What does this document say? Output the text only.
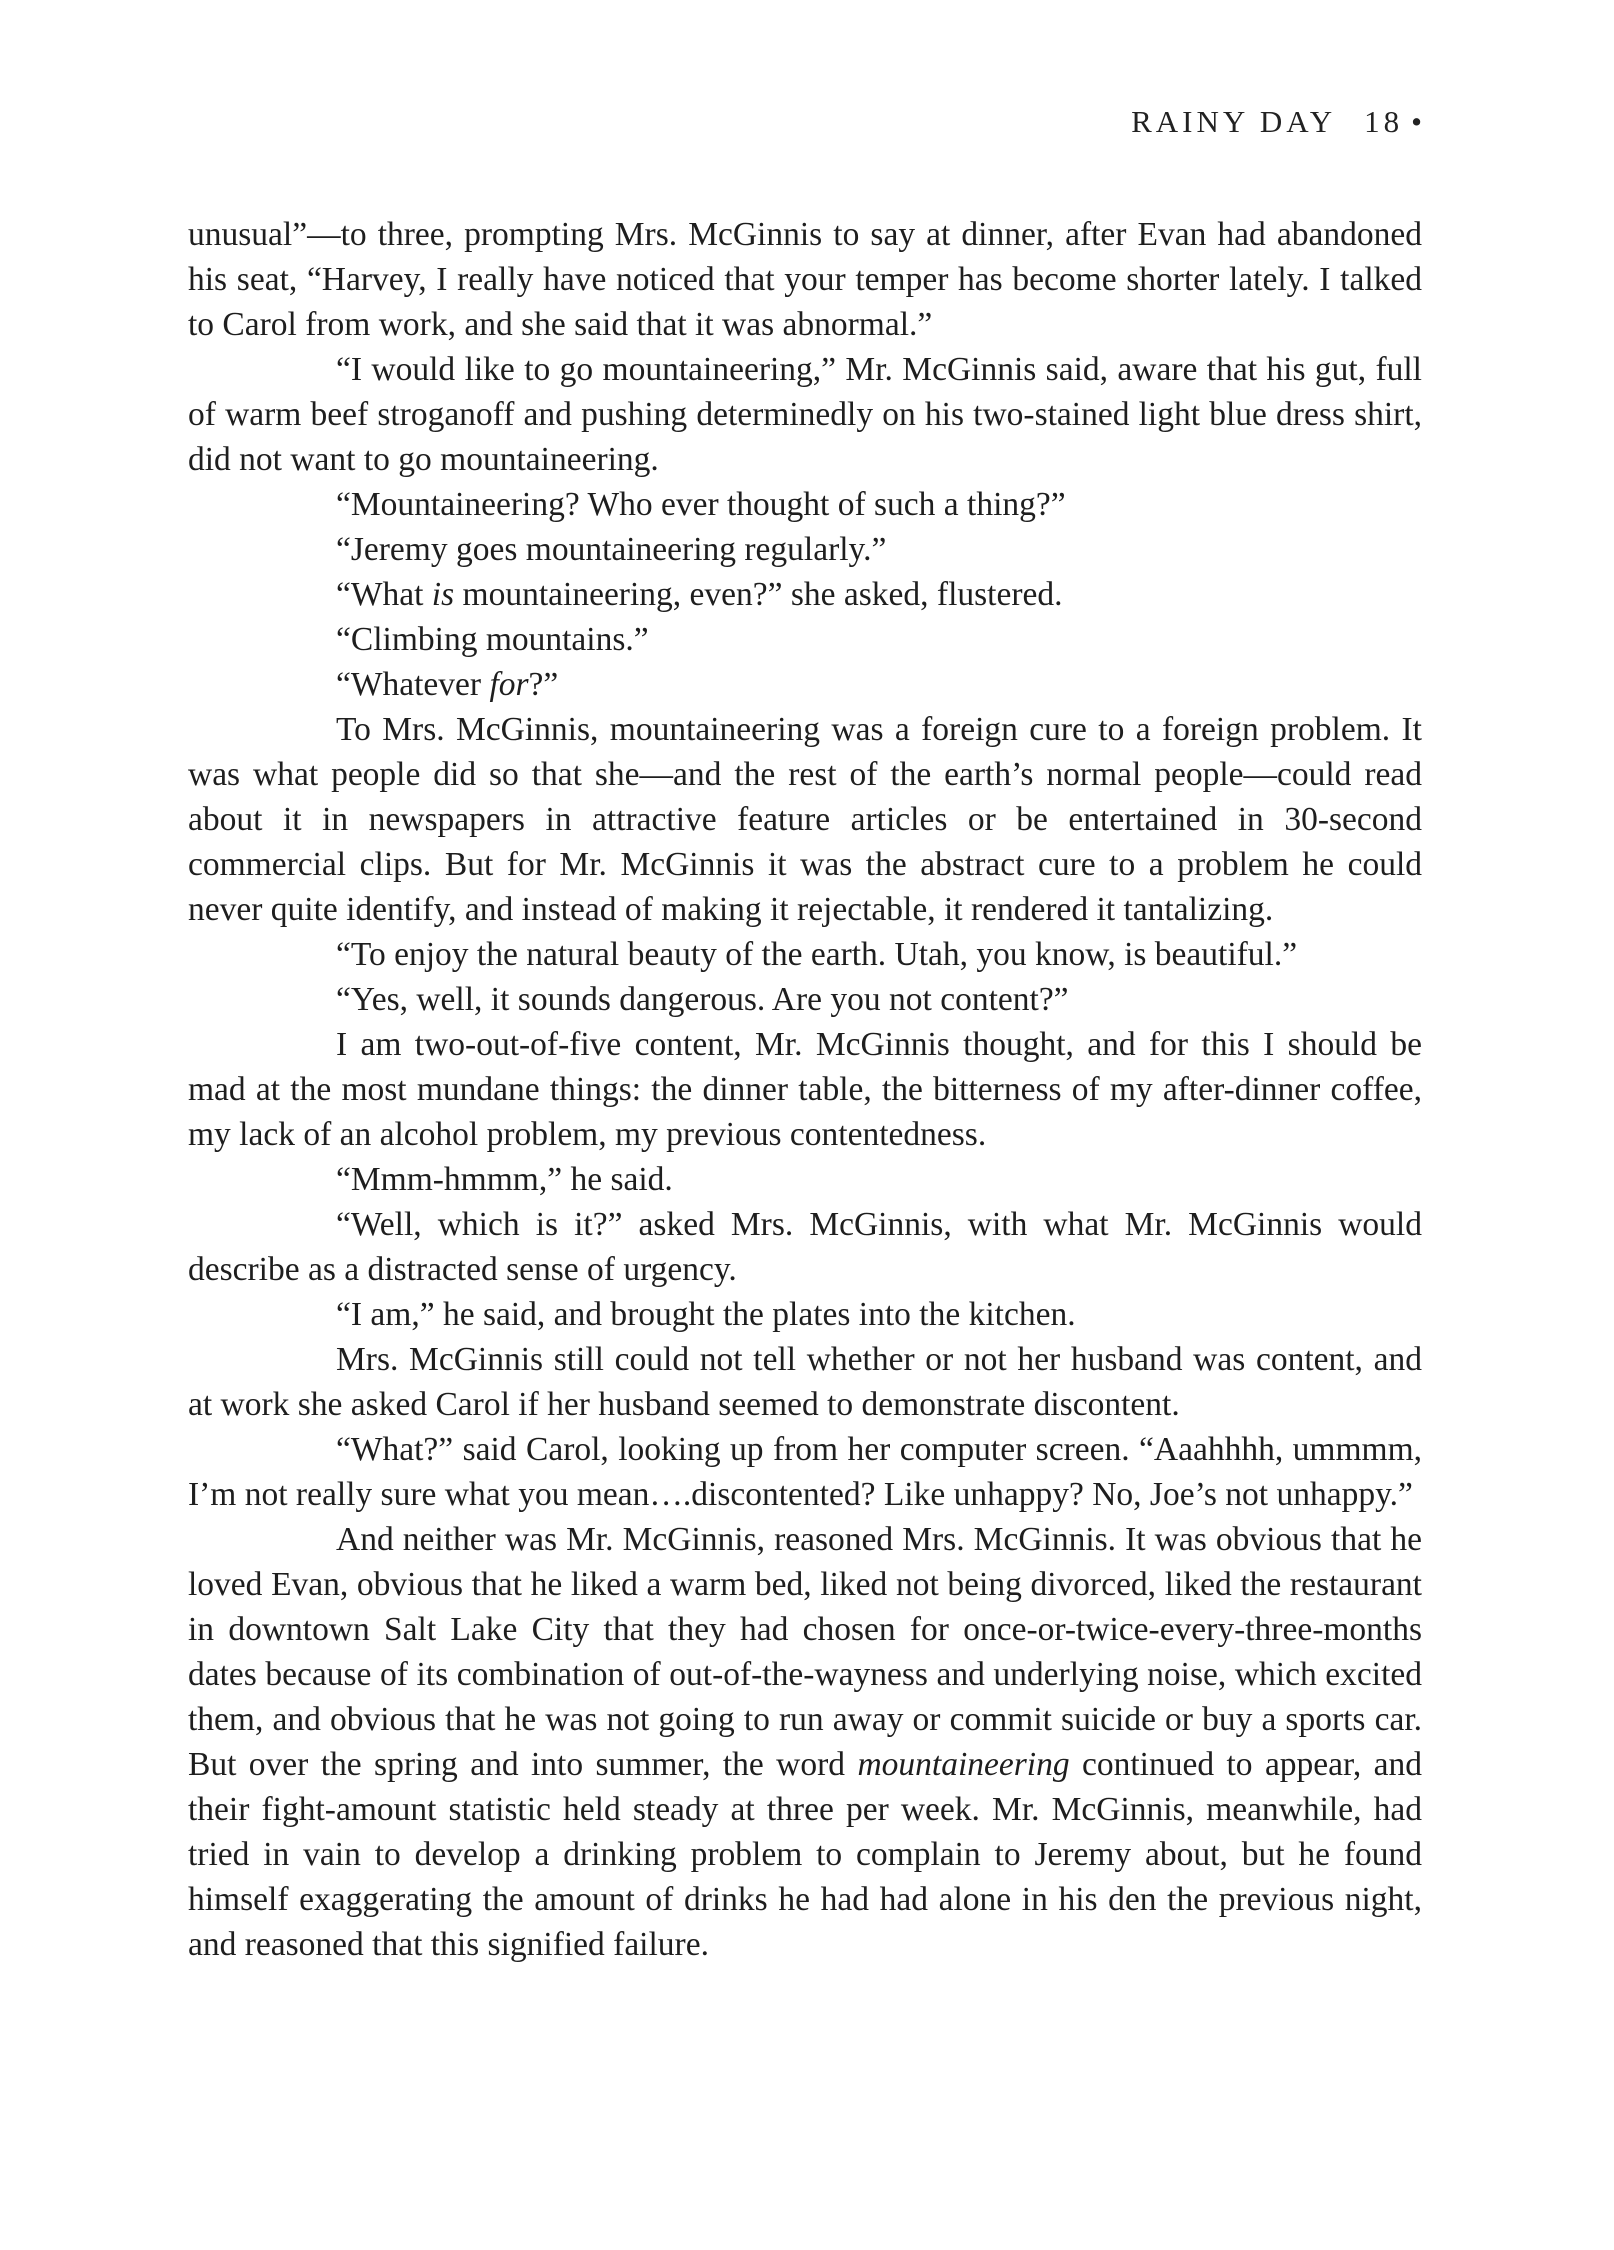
RAINY DAY 18 •

unusual”—to three, prompting Mrs. McGinnis to say at dinner, after Evan had abandoned his seat, “Harvey, I really have noticed that your temper has become shorter lately. I talked to Carol from work, and she said that it was abnormal.”

“I would like to go mountaineering,” Mr. McGinnis said, aware that his gut, full of warm beef stroganoff and pushing determinedly on his two-stained light blue dress shirt, did not want to go mountaineering.

“Mountaineering? Who ever thought of such a thing?”

“Jeremy goes mountaineering regularly.”

“What is mountaineering, even?” she asked, flustered.

“Climbing mountains.”

“Whatever for?”

To Mrs. McGinnis, mountaineering was a foreign cure to a foreign problem. It was what people did so that she—and the rest of the earth’s normal people—could read about it in newspapers in attractive feature articles or be entertained in 30-second commercial clips. But for Mr. McGinnis it was the abstract cure to a problem he could never quite identify, and instead of making it rejectable, it rendered it tantalizing.

“To enjoy the natural beauty of the earth. Utah, you know, is beautiful.”

“Yes, well, it sounds dangerous. Are you not content?”

I am two-out-of-five content, Mr. McGinnis thought, and for this I should be mad at the most mundane things: the dinner table, the bitterness of my after-dinner coffee, my lack of an alcohol problem, my previous contentedness.

“Mmm-hmmm,” he said.

“Well, which is it?” asked Mrs. McGinnis, with what Mr. McGinnis would describe as a distracted sense of urgency.

“I am,” he said, and brought the plates into the kitchen.

Mrs. McGinnis still could not tell whether or not her husband was content, and at work she asked Carol if her husband seemed to demonstrate discontent.

“What?” said Carol, looking up from her computer screen. “Aaahhhh, ummmm, I’m not really sure what you mean….discontented? Like unhappy? No, Joe’s not unhappy.”

And neither was Mr. McGinnis, reasoned Mrs. McGinnis. It was obvious that he loved Evan, obvious that he liked a warm bed, liked not being divorced, liked the restaurant in downtown Salt Lake City that they had chosen for once-or-twice-every-three-months dates because of its combination of out-of-the-wayness and underlying noise, which excited them, and obvious that he was not going to run away or commit suicide or buy a sports car. But over the spring and into summer, the word mountaineering continued to appear, and their fight-amount statistic held steady at three per week. Mr. McGinnis, meanwhile, had tried in vain to develop a drinking problem to complain to Jeremy about, but he found himself exaggerating the amount of drinks he had had alone in his den the previous night, and reasoned that this signified failure.
